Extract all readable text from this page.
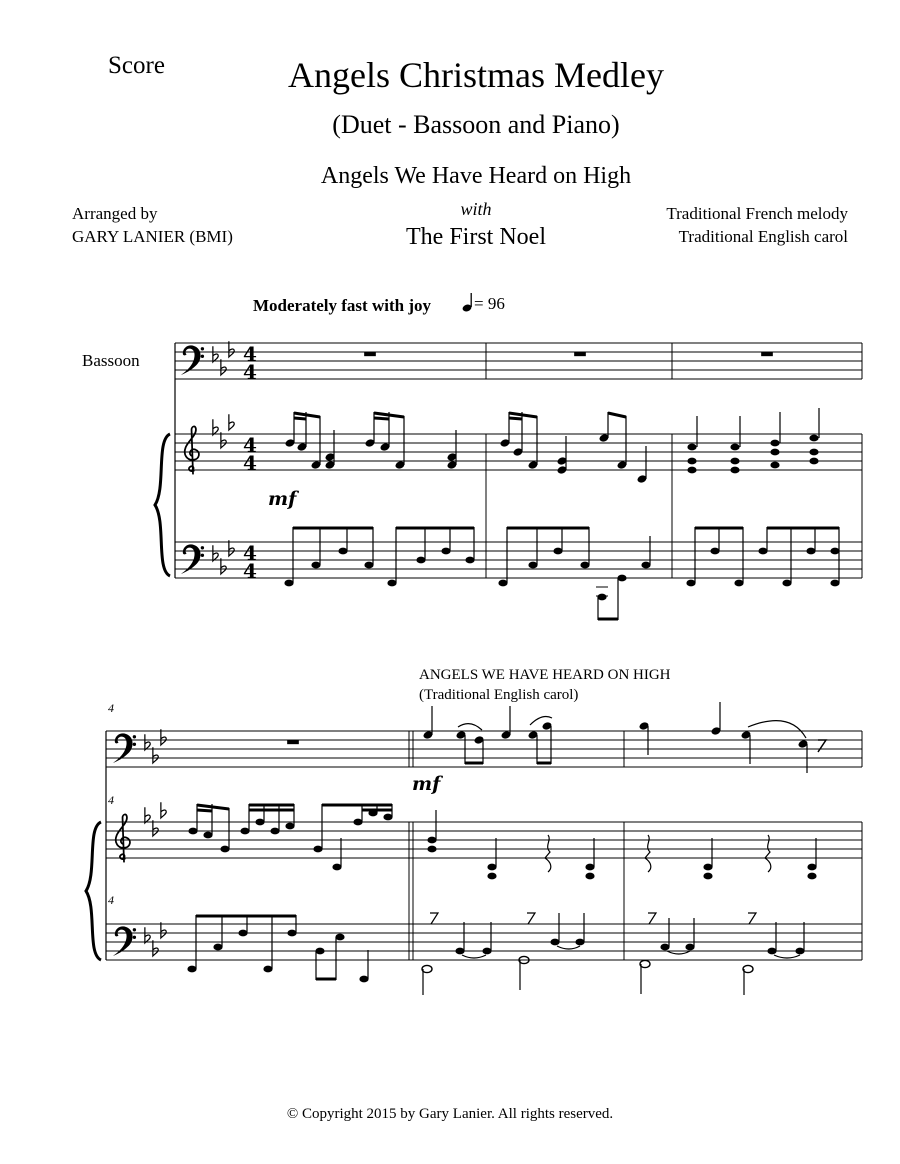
Score	Angels Christmas Medley
(Duet - Bassoon and Piano)
Angels We Have Heard on High
with
The First Noel
Arranged by
GARY LANIER (BMI)
Traditional French melody
Traditional English carol
Moderately fast with joy	= 96
Bassoon
ANGELS WE HAVE HEARD ON HIGH
(Traditional English carol)
© Copyright 2015 by Gary Lanier. All rights reserved.
4
4
4
4
mf
4
4
4
4
4
mf
